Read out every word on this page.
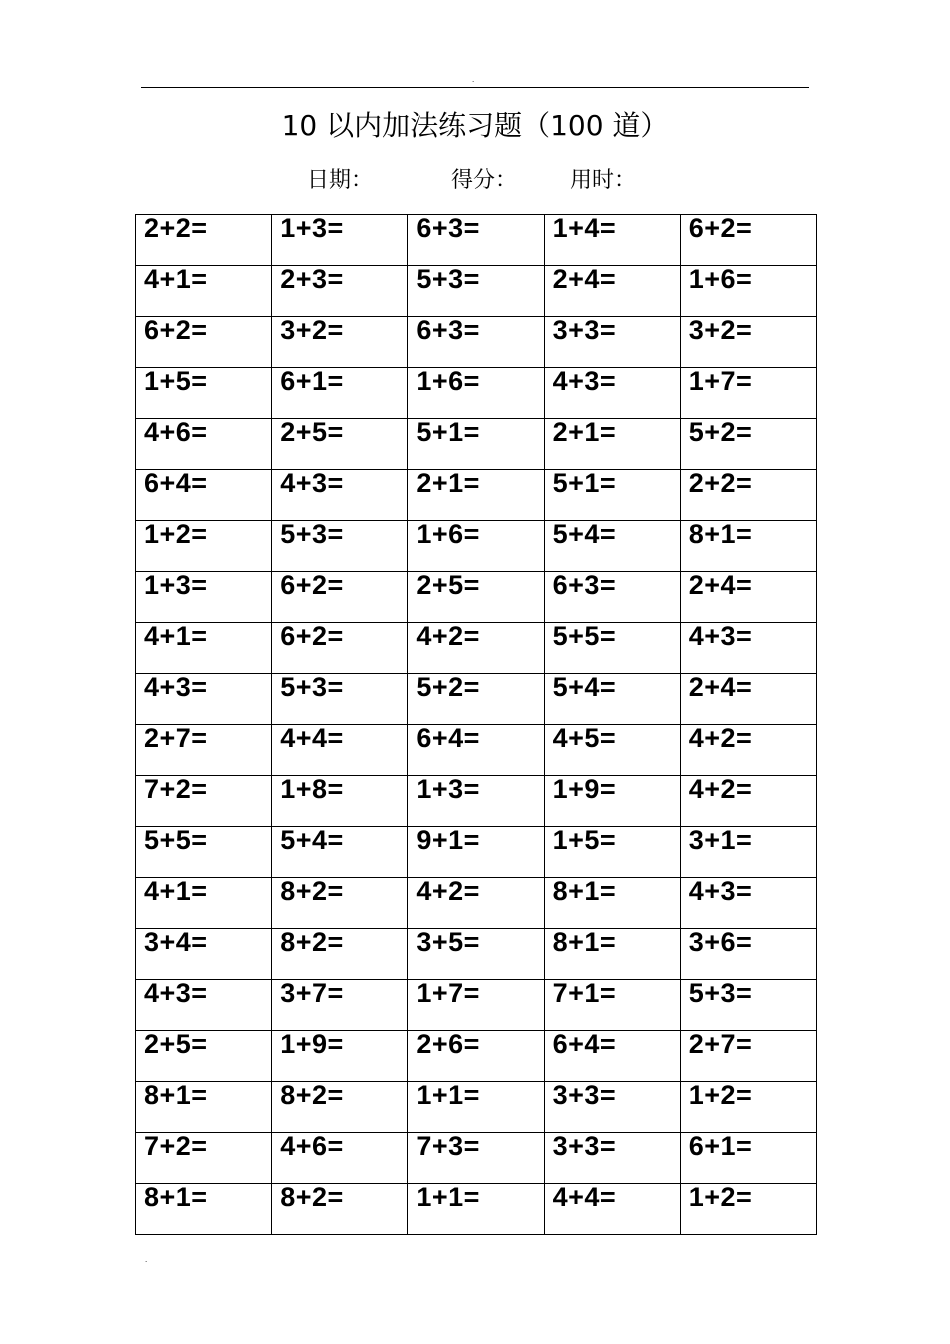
.
10 以内加法练习题（100 道）
日期：	得分： 用时：
2+2=	1+3=	6+3=	1+4=	6+2=
4+1=	2+3=	5+3=	2+4=	1+6=
6+2=	3+2=	6+3=	3+3=	3+2=
1+5=	6+1=	1+6=	4+3=	1+7=
4+6=	2+5=	5+1=	2+1=	5+2=
6+4=	4+3=	2+1=	5+1=	2+2=
1+2=	5+3=	1+6=	5+4=	8+1=
1+3=	6+2=	2+5=	6+3=	2+4=
4+1=	6+2=	4+2=	5+5=	4+3=
4+3=	5+3=	5+2=	5+4=	2+4=
2+7=	4+4=	6+4=	4+5=	4+2=
7+2=	1+8=	1+3=	1+9=	4+2=
5+5=	5+4=	9+1=	1+5=	3+1=
4+1=	8+2=	4+2=	8+1=	4+3=
3+4=	8+2=	3+5=	8+1=	3+6=
4+3=	3+7=	1+7=	7+1=	5+3=
2+5=	1+9=	2+6=	6+4=	2+7=
8+1=	8+2=	1+1=	3+3=	1+2=
7+2=	4+6=	7+3=	3+3=	6+1=
8+1=	8+2=	1+1=	4+4=	1+2=
.
